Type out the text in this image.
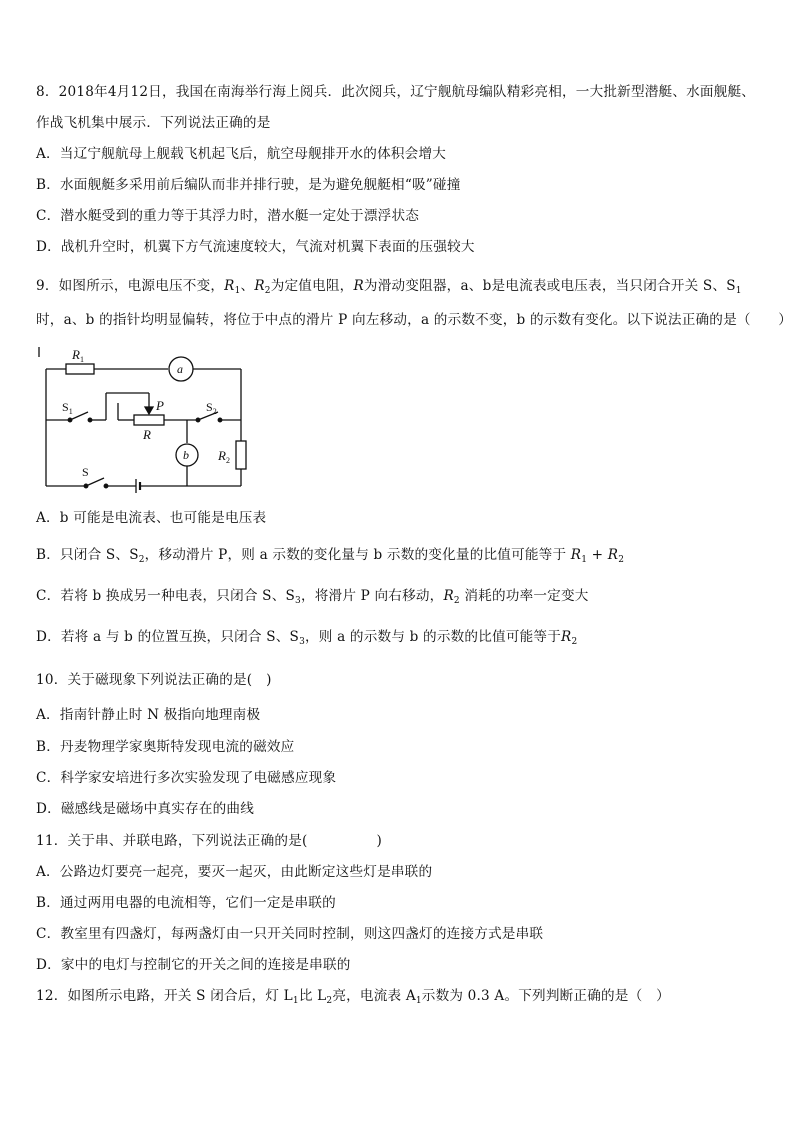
8．2018年4月12日，我国在南海举行海上阅兵．此次阅兵，辽宁舰航母编队精彩亮相，一大批新型潜艇、水面舰艇、
作战飞机集中展示．下列说法正确的是
A．当辽宁舰航母上舰载飞机起飞后，航空母舰排开水的体积会增大
B．水面舰艇多采用前后编队而非并排行驶，是为避免舰艇相“吸”碰撞
C．潜水艇受到的重力等于其浮力时，潜水艇一定处于漂浮状态
D．战机升空时，机翼下方气流速度较大，气流对机翼下表面的压强较大
9．如图所示，电源电压不变，$R_1$、$R_2$为定值电阻，R为滑动变阻器，a、b是电流表或电压表，当只闭合开关 S、$S_1$
时，a、b 的指针均明显偏转，将位于中点的滑片 P 向左移动，a 的示数不变，b 的示数有变化。以下说法正确的是（　　）
$R_1$
a
b
$S_1$	$S_2$
P
R
$R_2$
S
A．b 可能是电流表、也可能是电压表
B．只闭合 S、$S_2$，移动滑片 P，则 a 示数的变化量与 b 示数的变化量的比值可能等于 $R_1 + R_2$
C．若将 b 换成另一种电表，只闭合 S、$S_3$，将滑片 P 向右移动，$R_2$ 消耗的功率一定变大
D．若将 a 与 b 的位置互换，只闭合 S、$S_3$，则 a 的示数与 b 的示数的比值可能等于$R_2$
10．关于磁现象下列说法正确的是(　)
A．指南针静止时 N 极指向地理南极
B．丹麦物理学家奥斯特发现电流的磁效应
C．科学家安培进行多次实验发现了电磁感应现象
D．磁感线是磁场中真实存在的曲线
11．关于串、并联电路，下列说法正确的是(　　　　　)
A．公路边灯要亮一起亮，要灭一起灭，由此断定这些灯是串联的
B．通过两用电器的电流相等，它们一定是串联的
C．教室里有四盏灯，每两盏灯由一只开关同时控制，则这四盏灯的连接方式是串联
D．家中的电灯与控制它的开关之间的连接是串联的
12．如图所示电路，开关 S 闭合后，灯 $L_1$比 $L_2$亮，电流表 $A_1$示数为 0.3 A。下列判断正确的是（　）
